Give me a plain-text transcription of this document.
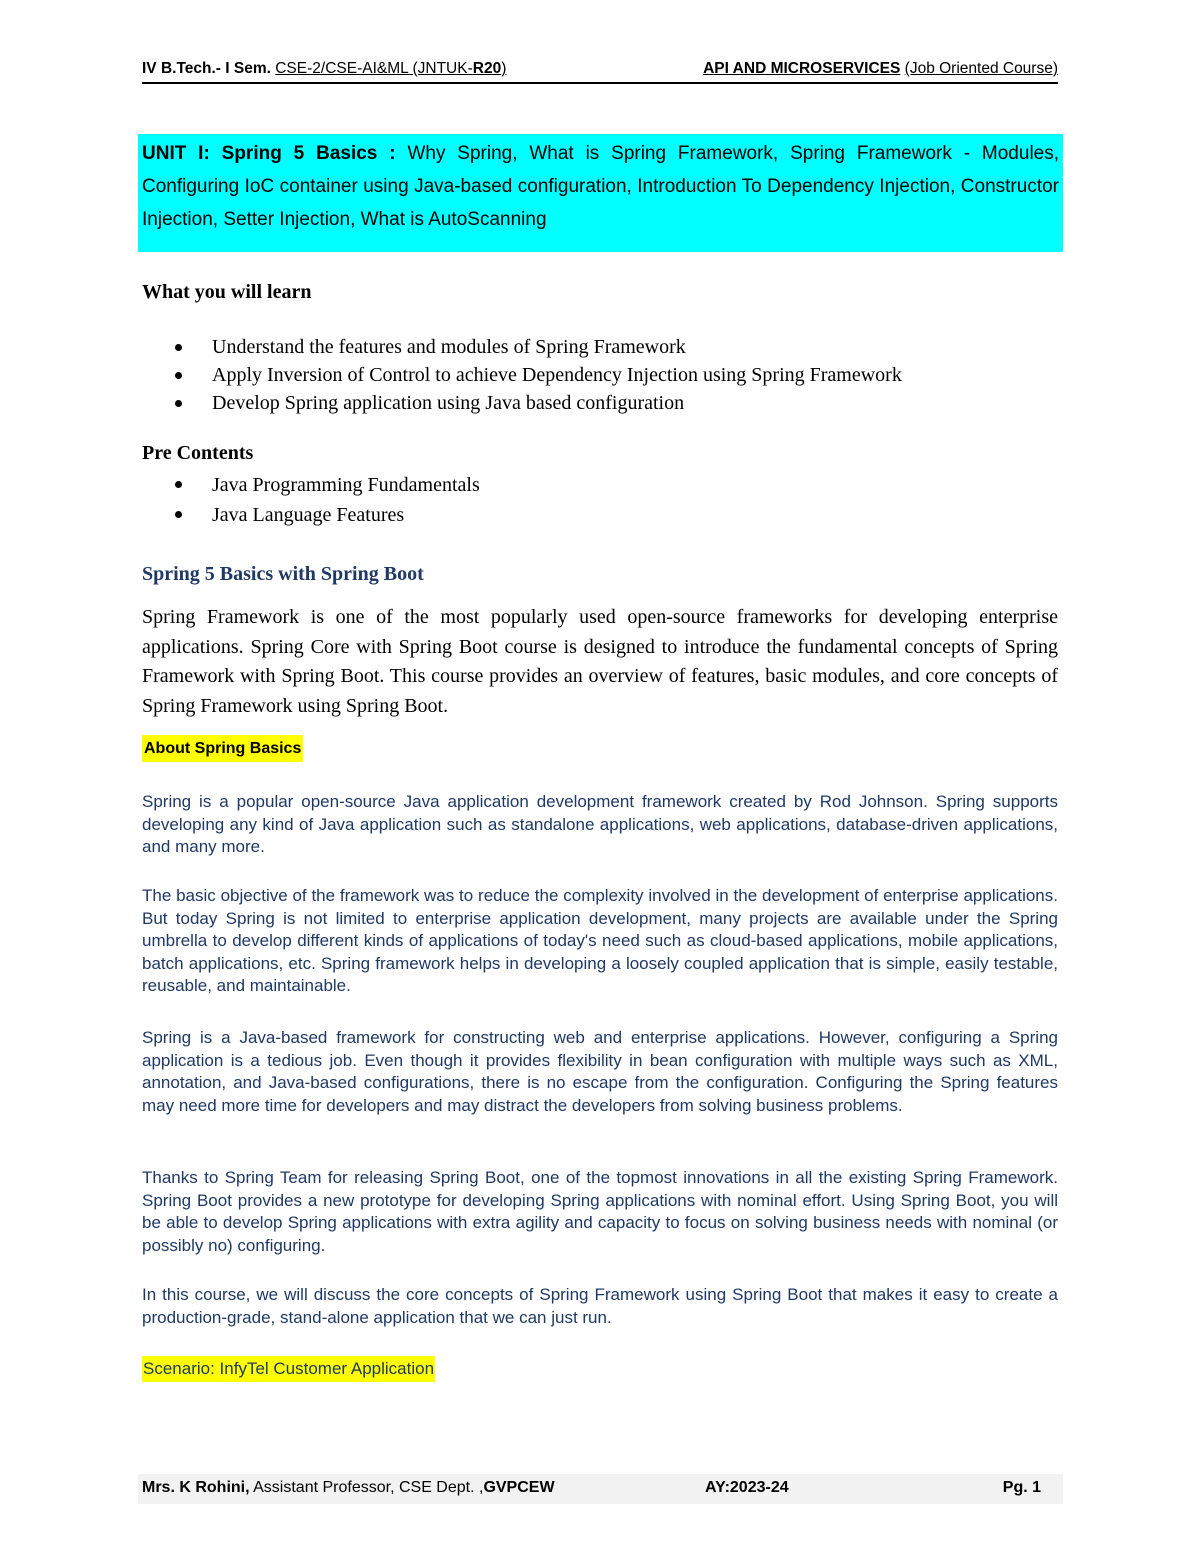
IV B.Tech.- I Sem. CSE-2/CSE-AI&ML (JNTUK-R20)	API AND MICROSERVICES (Job Oriented Course)
UNIT I: Spring 5 Basics : Why Spring, What is Spring Framework, Spring Framework - Modules, Configuring IoC container using Java-based configuration, Introduction To Dependency Injection, Constructor Injection, Setter Injection, What is AutoScanning
What you will learn
Understand the features and modules of Spring Framework
Apply Inversion of Control to achieve Dependency Injection using Spring Framework
Develop Spring application using Java based configuration
Pre Contents
Java Programming Fundamentals
Java Language Features
Spring 5 Basics with Spring Boot

Spring Framework is one of the most popularly used open-source frameworks for developing enterprise applications. Spring Core with Spring Boot course is designed to introduce the fundamental concepts of Spring Framework with Spring Boot. This course provides an overview of features, basic modules, and core concepts of Spring Framework using Spring Boot.

About Spring Basics

Spring is a popular open-source Java application development framework created by Rod Johnson. Spring supports developing any kind of Java application such as standalone applications, web applications, database-driven applications, and many more.

The basic objective of the framework was to reduce the complexity involved in the development of enterprise applications. But today Spring is not limited to enterprise application development, many projects are available under the Spring umbrella to develop different kinds of applications of today's need such as cloud-based applications, mobile applications, batch applications, etc. Spring framework helps in developing a loosely coupled application that is simple, easily testable, reusable, and maintainable.

Spring is a Java-based framework for constructing web and enterprise applications. However, configuring a Spring application is a tedious job. Even though it provides flexibility in bean configuration with multiple ways such as XML, annotation, and Java-based configurations, there is no escape from the configuration. Configuring the Spring features may need more time for developers and may distract the developers from solving business problems.

Thanks to Spring Team for releasing Spring Boot, one of the topmost innovations in all the existing Spring Framework. Spring Boot provides a new prototype for developing Spring applications with nominal effort. Using Spring Boot, you will be able to develop Spring applications with extra agility and capacity to focus on solving business needs with nominal (or possibly no) configuring.

In this course, we will discuss the core concepts of Spring Framework using Spring Boot that makes it easy to create a production-grade, stand-alone application that we can just run.

Scenario: InfyTel Customer Application
Mrs. K Rohini, Assistant Professor, CSE Dept. ,GVPCEW	AY:2023-24	Pg. 1
